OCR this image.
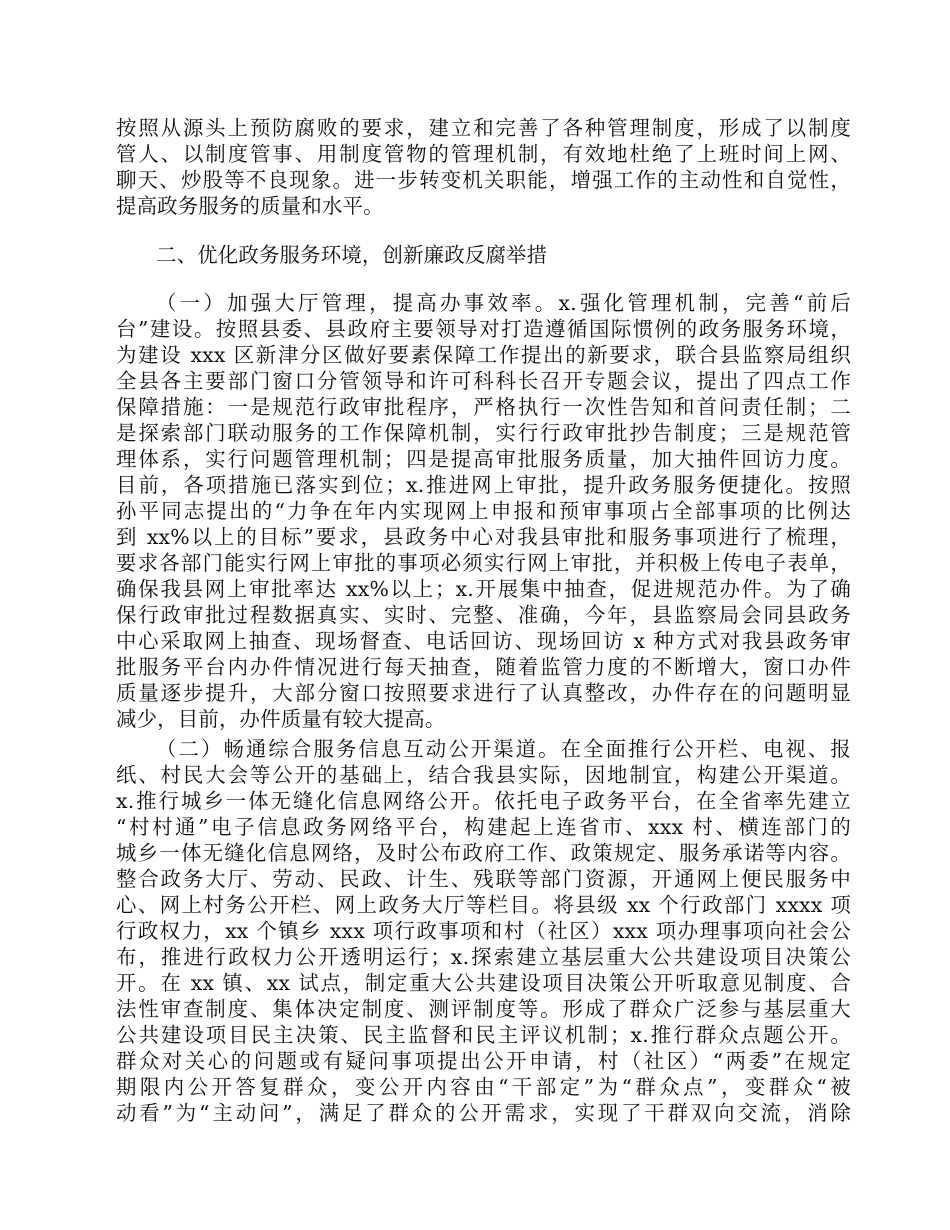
按照从源头上预防腐败的要求，建立和完善了各种管理制度，形成了以制度
管人、以制度管事、用制度管物的管理机制，有效地杜绝了上班时间上网、
聊天、炒股等不良现象。进一步转变机关职能，增强工作的主动性和自觉性，
提高政务服务的质量和水平。
二、优化政务服务环境，创新廉政反腐举措
（一）加强大厅管理，提高办事效率。x.强化管理机制，完善“前后
台”建设。按照县委、县政府主要领导对打造遵循国际惯例的政务服务环境，
为建设 xxx 区新津分区做好要素保障工作提出的新要求，联合县监察局组织
全县各主要部门窗口分管领导和许可科科长召开专题会议，提出了四点工作
保障措施：一是规范行政审批程序，严格执行一次性告知和首问责任制；二
是探索部门联动服务的工作保障机制，实行行政审批抄告制度；三是规范管
理体系，实行问题管理机制；四是提高审批服务质量，加大抽件回访力度。
目前，各项措施已落实到位；x.推进网上审批，提升政务服务便捷化。按照
孙平同志提出的“力争在年内实现网上申报和预审事项占全部事项的比例达
到 xx%以上的目标”要求，县政务中心对我县审批和服务事项进行了梳理，
要求各部门能实行网上审批的事项必须实行网上审批，并积极上传电子表单，
确保我县网上审批率达 xx%以上；x.开展集中抽查，促进规范办件。为了确
保行政审批过程数据真实、实时、完整、准确，今年，县监察局会同县政务
中心采取网上抽查、现场督查、电话回访、现场回访 x 种方式对我县政务审
批服务平台内办件情况进行每天抽查，随着监管力度的不断增大，窗口办件
质量逐步提升，大部分窗口按照要求进行了认真整改，办件存在的问题明显
减少，目前，办件质量有较大提高。
（二）畅通综合服务信息互动公开渠道。在全面推行公开栏、电视、报
纸、村民大会等公开的基础上，结合我县实际，因地制宜，构建公开渠道。
x.推行城乡一体无缝化信息网络公开。依托电子政务平台，在全省率先建立
“村村通”电子信息政务网络平台，构建起上连省市、xxx 村、横连部门的
城乡一体无缝化信息网络，及时公布政府工作、政策规定、服务承诺等内容。
整合政务大厅、劳动、民政、计生、残联等部门资源，开通网上便民服务中
心、网上村务公开栏、网上政务大厅等栏目。将县级 xx 个行政部门 xxxx 项
行政权力，xx 个镇乡 xxx 项行政事项和村（社区）xxx 项办理事项向社会公
布，推进行政权力公开透明运行；x.探索建立基层重大公共建设项目决策公
开。在 xx 镇、xx 试点，制定重大公共建设项目决策公开听取意见制度、合
法性审查制度、集体决定制度、测评制度等。形成了群众广泛参与基层重大
公共建设项目民主决策、民主监督和民主评议机制；x.推行群众点题公开。
群众对关心的问题或有疑问事项提出公开申请，村（社区）“两委”在规定
期限内公开答复群众，变公开内容由“干部定”为“群众点”，变群众“被
动看”为“主动问”，满足了群众的公开需求，实现了干群双向交流，消除
